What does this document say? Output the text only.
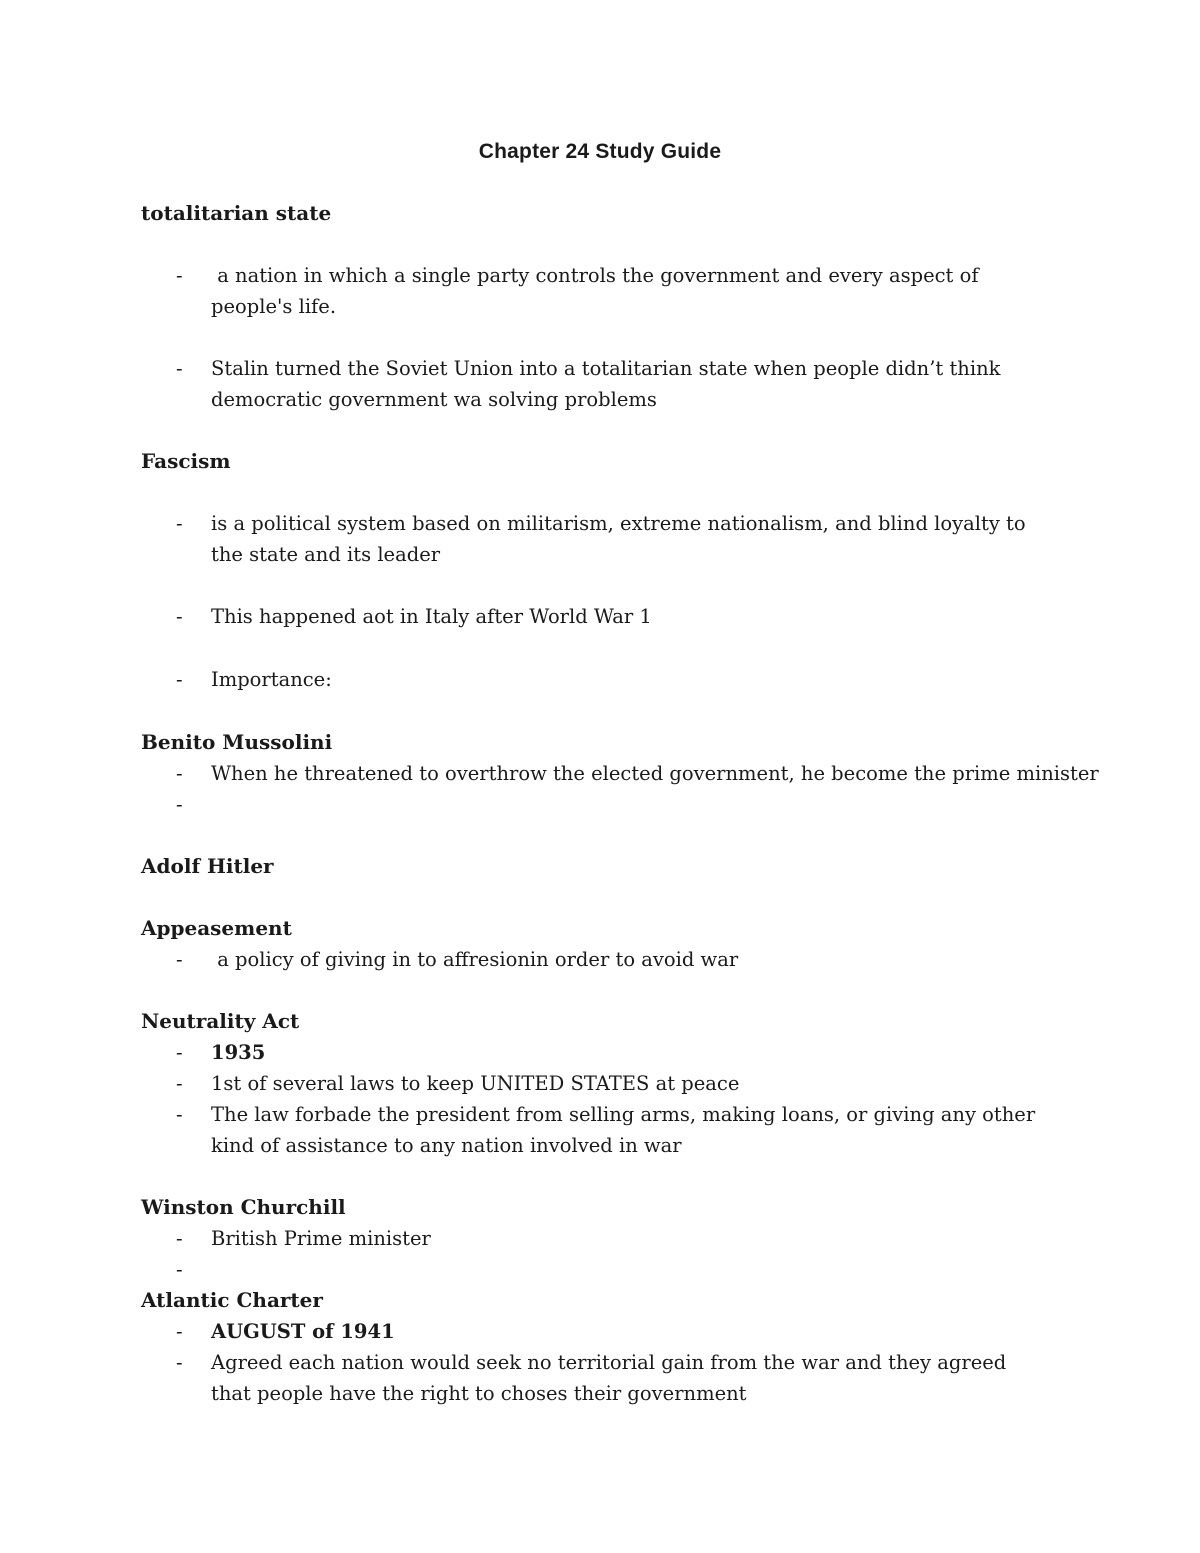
Chapter 24 Study Guide
totalitarian state
- a nation in which a single party controls the government and every aspect of people's life.
- Stalin turned the Soviet Union into a totalitarian state when people didn’t think democratic government wa solving problems
Fascism
- is a political system based on militarism, extreme nationalism, and blind loyalty to the state and its leader
- This happened aot in Italy after World War 1
- Importance:
Benito Mussolini
- When he threatened to overthrow the elected government, he become the prime minister
-
Adolf Hitler
Appeasement
- a policy of giving in to affresionin order to avoid war
Neutrality Act
- 1935
- 1st of several laws to keep UNITED STATES at peace
- The law forbade the president from selling arms, making loans, or giving any other kind of assistance to any nation involved in war
Winston Churchill
- British Prime minister
-
Atlantic Charter
- AUGUST of 1941
- Agreed each nation would seek no territorial gain from the war and they agreed that people have the right to choses their government
